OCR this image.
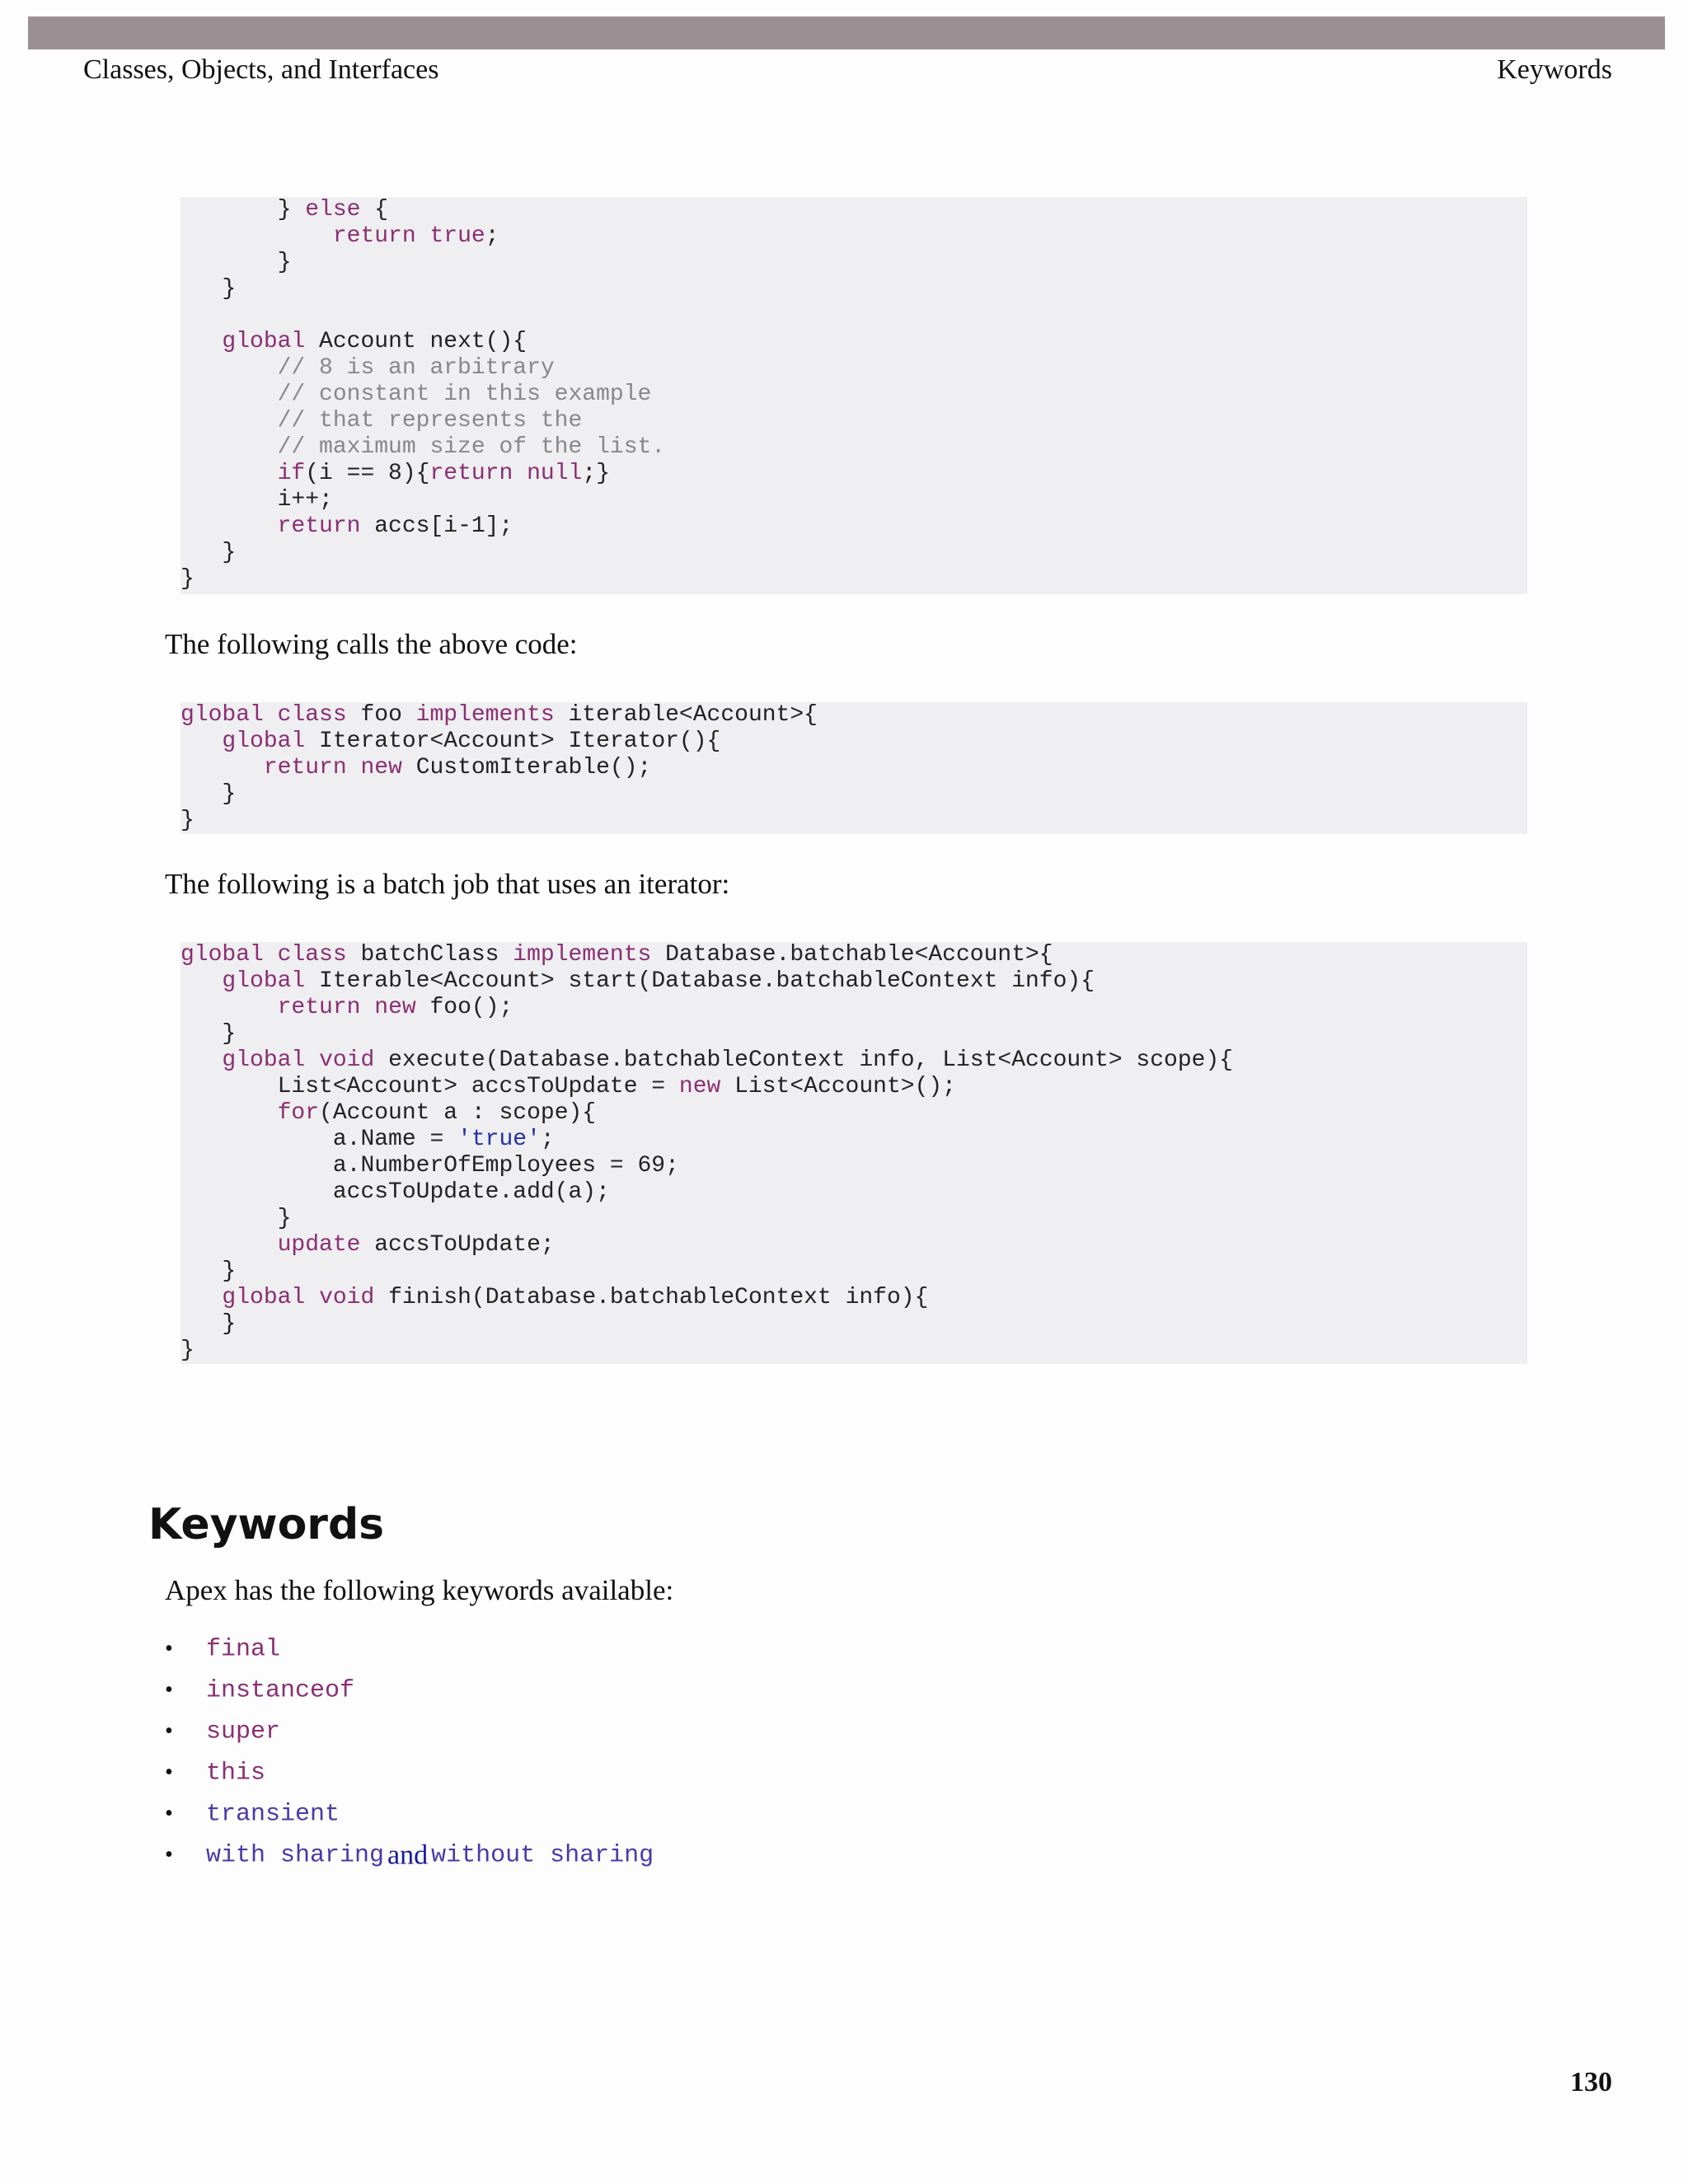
Classes, Objects, and Interfaces	Keywords
} else {
return true;
}
}
global Account next(){
// 8 is an arbitrary
// constant in this example
// that represents the
// maximum size of the list.
if(i == 8){return null;}
i++;
return accs[i-1];
}
}
The following calls the above code:
global class foo implements iterable<Account>{
global Iterator<Account> Iterator(){
return new CustomIterable();
}
}
The following is a batch job that uses an iterator:
global class batchClass implements Database.batchable<Account>{
global Iterable<Account> start(Database.batchableContext info){
return new foo();
}
global void execute(Database.batchableContext info, List<Account> scope){
List<Account> accsToUpdate = new List<Account>();
for(Account a : scope){
a.Name = 'true';
a.NumberOfEmployees = 69;
accsToUpdate.add(a);
}
update accsToUpdate;
}
global void finish(Database.batchableContext info){
}
}
Keywords
Apex has the following keywords available:
• final
• instanceof
• super
• this
• transient
• with sharing and without sharing
130
